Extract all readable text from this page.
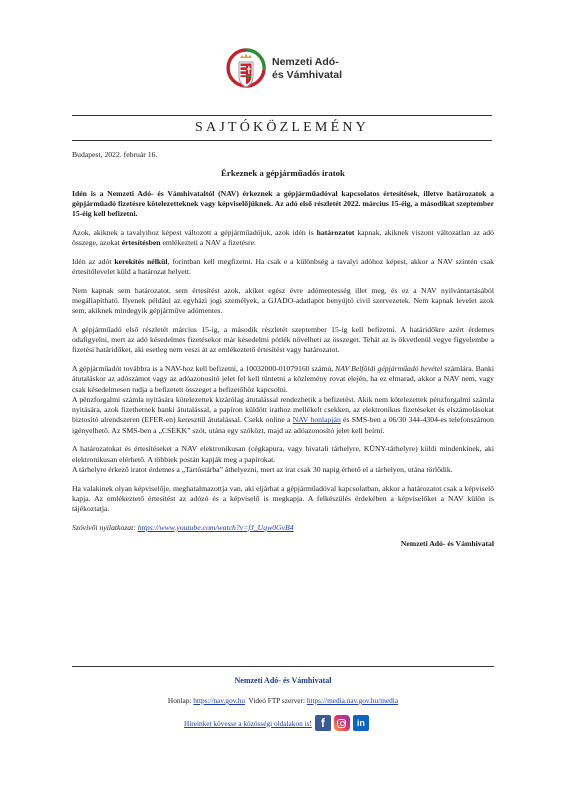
Nemzeti Adó-
és Vámhivatal
SAJTÓKÖZLEMÉNY
Budapest, 2022. február 16.
Érkeznek a gépjárműadós iratok
Idén is a Nemzeti Adó- és Vámhivataltól (NAV) érkeznek a gépjárműadóval kapcsolatos értesítések, illetve határozatok a gépjárműadó fizetésre kötelezetteknek vagy képviselőjüknek. Az adó első részletét 2022. március 15-éig, a másodikat szeptember 15-éig kell befizetni.
Azok, akiknek a tavalyihoz képest változott a gépjárműadójuk, azok idén is határozatot kapnak, akiknek viszont változatlan az adó összege, azokat értesítésben emlékezteti a NAV a fizetésre.
Idén az adót kerekítés nélkül, forintban kell megfizetni. Ha csak e a különbség a tavalyi adóhoz képest, akkor a NAV szintén csak értesítőlevelet küld a határozat helyett.
Nem kapnak sem határozatot, sem értesítést azok, akiket egész évre adómentesség illet meg, és ez a NAV nyilvántartásából megállapítható. Ilyenek például az egyházi jogi személyek, a GJADO-adatlapot benyújtó civil szervezetek. Nem kapnak levelet azok sem, akiknek mindegyik gépjárműve adómentes.
A gépjárműadó első részletét március 15-ig, a második részletét szeptember 15-ig kell befizetni. A határidőkre azért érdemes odafigyelni, mert az adó késedelmes fizetésekor már késedelmi pótlék növelheti az összeget. Tehát az is ökvetlenül vegye figyelembe a fizetési határidőket, aki esetleg nem veszi át az emlékeztető értesítést vagy határozatot.
A gépjárműadót továbbra is a NAV-hoz kell befizetni, a 10032000-01079160 számú, NAV Belföldi gépjárműadó bevétel számlára. Banki átutaláskor az adószámot vagy az adóazonosító jelet fel kell tüntetni a közlemény rovat elején, ha ez elmarad, akkor a NAV nem, vagy csak késedelmesen tudja a befizetett összeget a befizetőhöz kapcsolni.
A pénzforgalmi számla nyitására kötelezettek kizárólag átutalással rendezhetik a befizetést. Akik nem kötelezettek pénzforgalmi számla nyitására, azok fizethetnek banki átutalással, a papíron küldött irathoz mellékelt csekken, az elektronikus fizetéseket és elszámolásokat biztosító alrendszeren (EFER-en) keresztül átutalással. Csekk online a NAV honlapján és SMS-ben a 06/30 344-4304-es telefonszámon igényelhető. Az SMS-ben a „CSEKK” szót, utána egy szóközt, majd az adóazonosító jelet kell beírni.
A határozatokat és értesítéseket a NAV elektronikusan (cégkapura, vagy hivatali tárhelyre, KÜNY-tárhelyre) küldi mindenkinek, aki elektronikusan elérhető. A többiek postán kapják meg a papírokat.
A tárhelyre érkező iratot érdemes a „Tartóstárba” áthelyezni, mert az irat csak 30 napig érhető el a tárhelyen, utána törlődik.
Ha valakinek olyan képviselője, meghatalmazottja van, aki eljárhat a gépjárműadóval kapcsolatban, akkor a határozatot csak a képviselő kapja. Az emlékeztető értesítést az adózó és a képviselő is megkapja. A felkészülés érdekében a képviselőket a NAV külön is tájékoztatja.
Szóvivői nyilatkozat: https://www.youtube.com/watch?v=fJ_Uqw0GvB4
Nemzeti Adó- és Vámhivatal
Nemzeti Adó- és Vámhivatal
Honlap: https://nav.gov.hu  Videó FTP szerver: https://media.nav.gov.hu/media
Híreinket kövesse a közösségi oldalakon is! f	in
